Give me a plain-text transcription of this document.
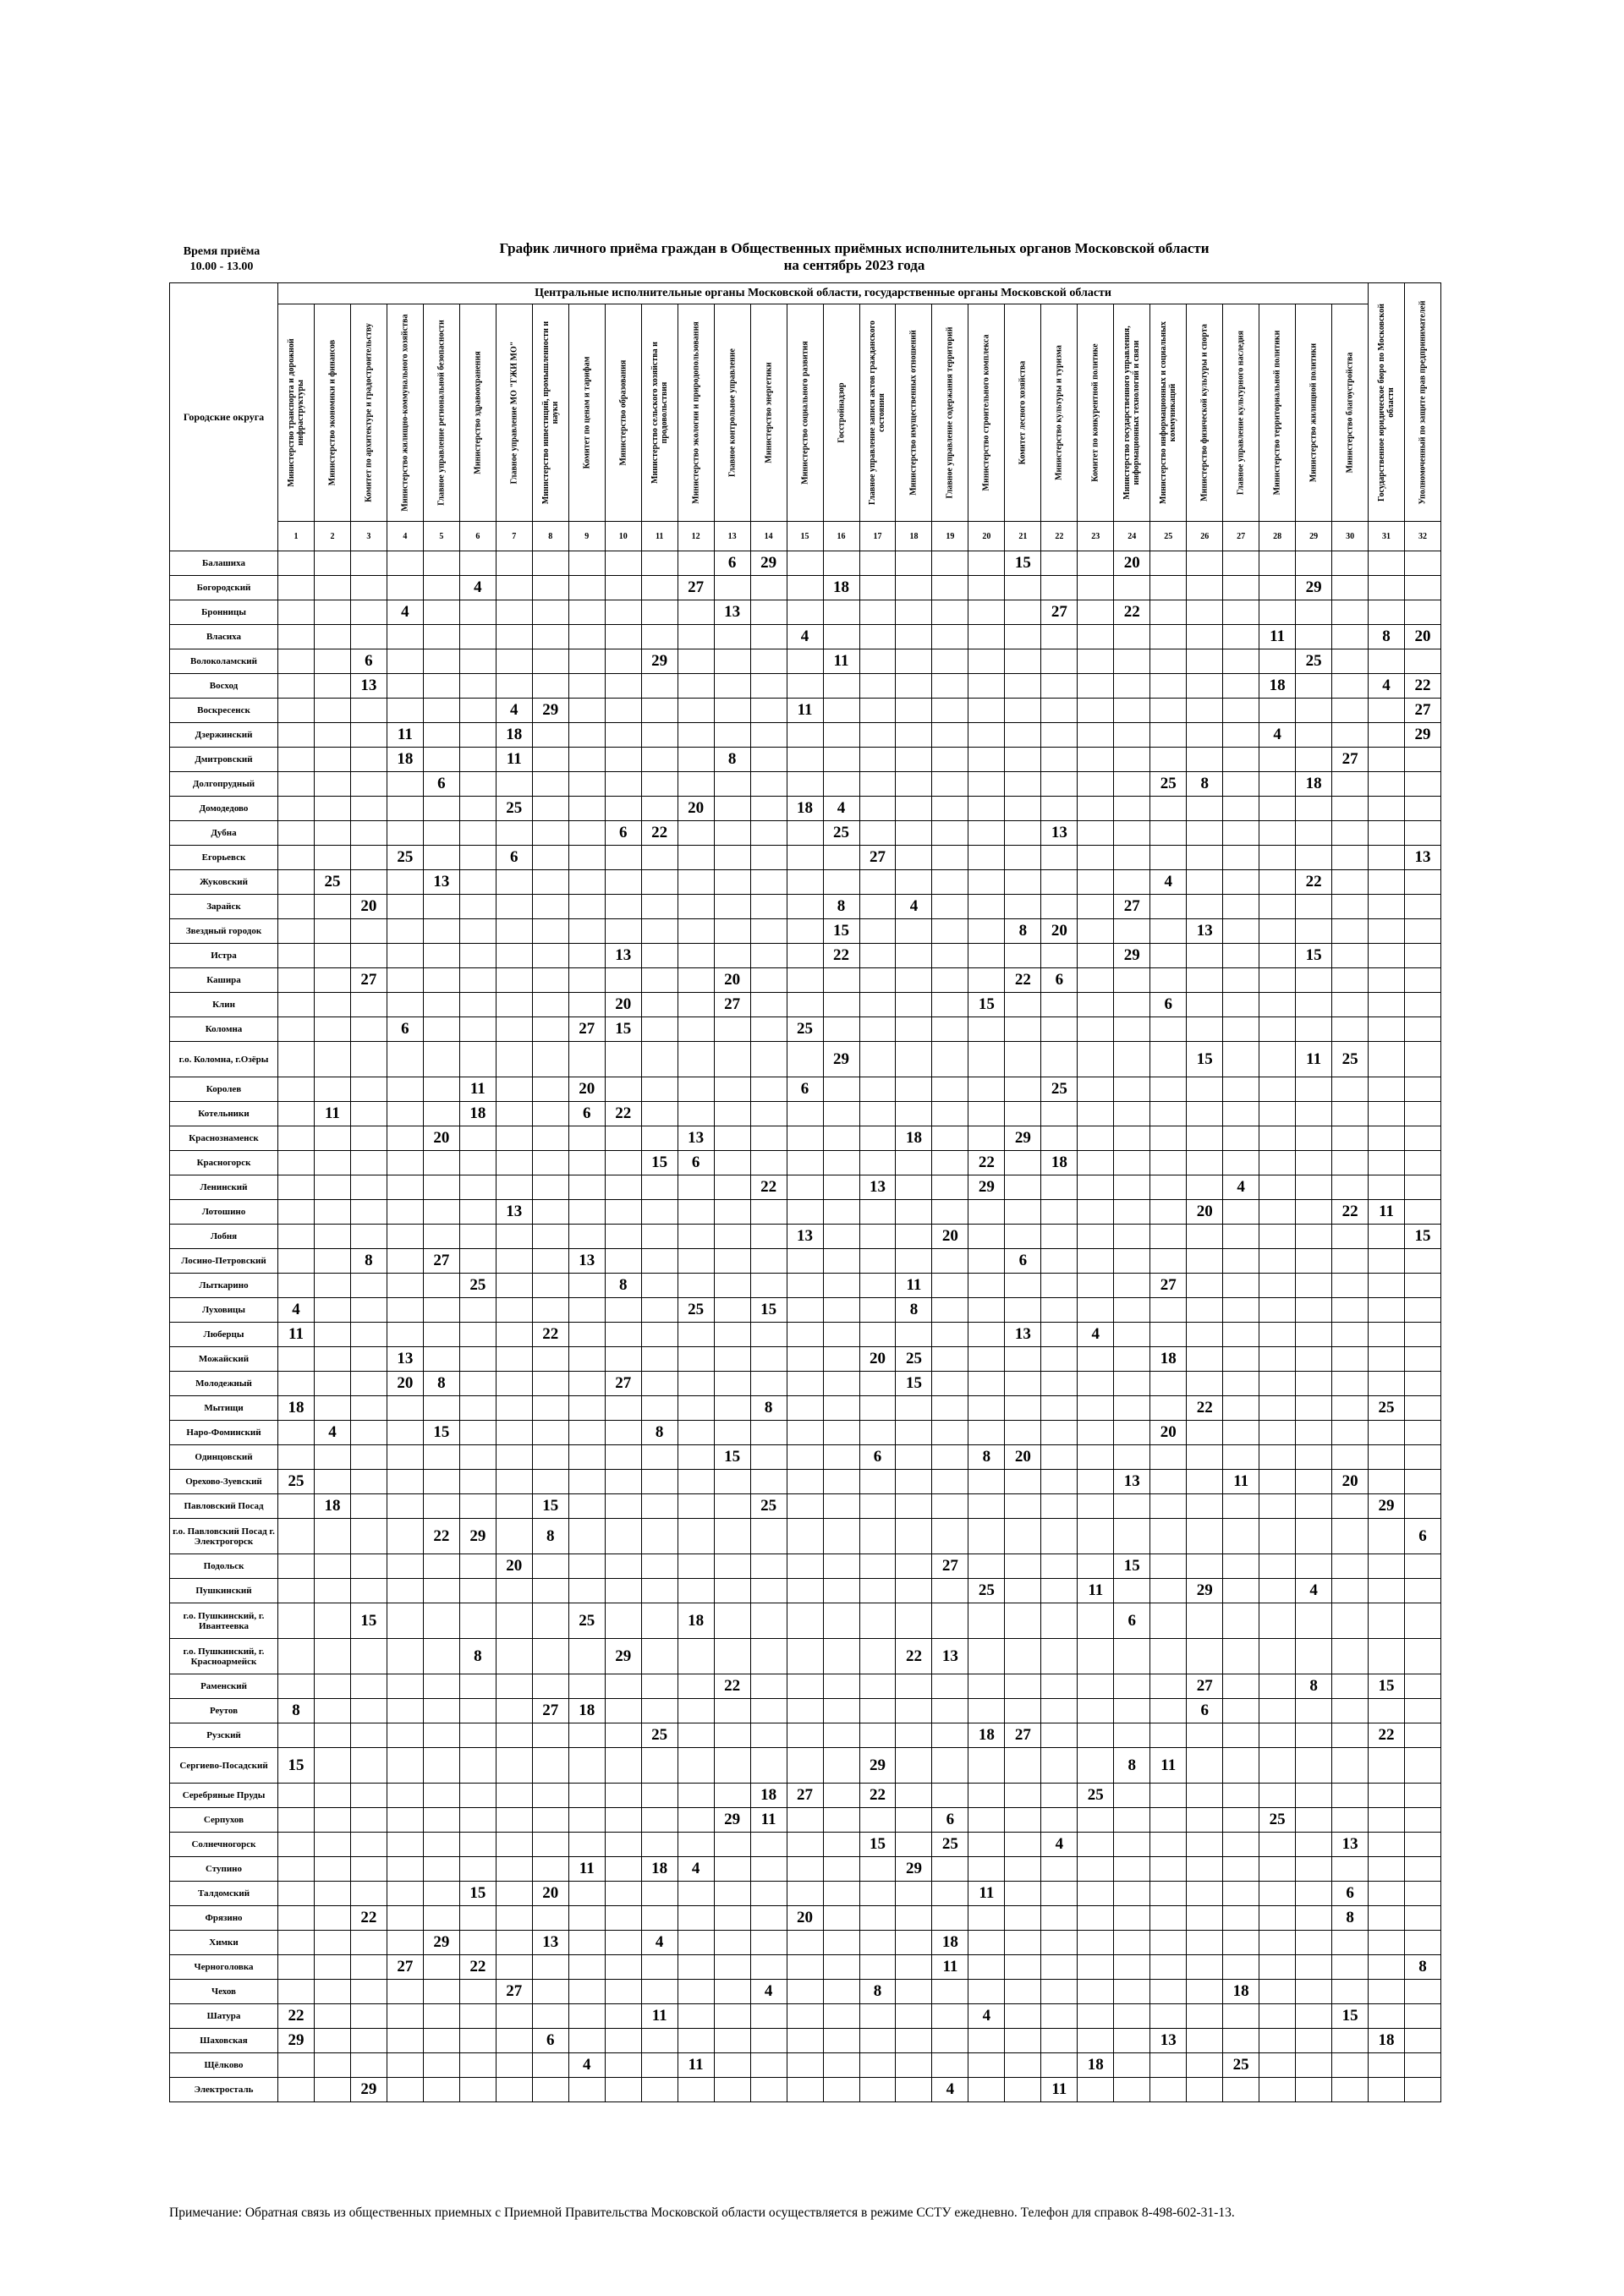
Время приёма
10.00 - 13.00
График личного приёма граждан в Общественных приёмных исполнительных органов Московской области
на сентябрь 2023 года
Городские округа	Центральные исполнительные органы Московской области, государственные органы Московской области																														Государственное юридическое бюро по Московской области	Уполномоченный по защите прав предпринимателей

	Министерство транспорта и дорожной инфраструктуры	Министерство экономики и финансов	Комитет по архитектуре и градостроительству	Министерство жилищно-коммунального хозяйства	Главное управление региональной безопасности	Министерство здравоохранения	Главное управление МО "ГЖИ МО"	Министерство инвестиций, промышленности и науки	Комитет по ценам и тарифам	Министерство образования	Министерство сельского хозяйства и продовольствия	Министерство экологии и природопользования	Главное контрольное управление	Министерство энергетики	Министерство социального развития	Госстройнадзор	Главное управление записи актов гражданского состояния	Министерство имущественных отношений	Главное управление содержания территорий	Министерство строительного комплекса	Комитет лесного хозяйства	Министерство культуры и туризма	Комитет по конкурентной политике	Министерство государственного управления, информационных технологий и связи	Министерство информационных и социальных коммуникаций	Министерство физической культуры и спорта	Главное управление культурного наследия	Министерство территориальной политики	Министерство жилищной политики	Министерство благоустройства		

	1	2	3	4	5	6	7	8	9	10	11	12	13	14	15	16	17	18	19	20	21	22	23	24	25	26	27	28	29	30	31	32
Балашиха													6	29							15			20								
Богородский						4						27				18													29			
Бронницы				4									13									27		22								
Власиха															4													11			8	20
Волоколамский			6								29					11													25			
Восход			13																									18			4	22
Воскресенск							4	29							11																	27
Дзержинский				11			18																					4				29
Дмитровский				18			11						8																	27		
Долгопрудный					6																				25	8			18			
Домодедово							25					20			18	4																
Дубна										6	22					25						13										
Егорьевск				25			6										27															13
Жуковский		25			13																				4				22			
Зарайск			20													8		4						27								
Звездный городок																15					8	20				13						
Истра										13						22								29					15			
Кашира			27										20								22	6										
Клин										20			27							15					6							
Коломна				6					27	15					25																	
г.о. Коломна, г.Озёры																29										15			11	25		
Королев						11			20						6							25										
Котельники		11				18			6	22																						
Краснознаменск					20							13						18			29											
Красногорск											15	6								22		18										
Ленинский														22			13			29							4					
Лотошино							13																			20				22	11	
Лобня															13				20													15
Лосино-Петровский			8		27				13												6											
Лыткарино						25				8								11							27							
Луховицы	4											25		15				8														
Люберцы	11							22													13		4									
Можайский				13													20	25							18							
Молодежный				20	8					27								15														
Мытищи	18													8												22					25	
Наро-Фоминский		4			15						8														20							
Одинцовский													15				6			8	20											
Орехово-Зуевский	25																							13			11			20		
Павловский Посад		18						15						25																	29	
г.о. Павловский Посад г. Электрогорск					22	29		8																								6
Подольск							20												27					15								
Пушкинский																				25			11			29			4			
г.о. Пушкинский, г. Ивантеевка			15						25			18												6								
г.о. Пушкинский, г. Красноармейск						8				29								22	13													
Раменский													22													27			8		15	
Реутов	8							27	18																	6						
Рузский											25									18	27										22	
Сергиево-Посадский	15																29							8	11							
Серебряные Пруды														18	27		22						25									
Серпухов													29	11					6									25				
Солнечногорск																	15		25			4								13		
Ступино									11		18	4						29														
Талдомский						15		20												11										6		
Фрязино			22												20															8		
Химки					29			13			4								18													
Черноголовка				27		22													11													8
Чехов							27							4			8										18					
Шатура	22										11									4										15		
Шаховская	29							6																	13						18	
Щёлково									4			11											18				25					
Электросталь			29																4			11										
Примечание: Обратная связь из общественных приемных с Приемной Правительства Московской области осуществляется в режиме ССТУ ежедневно. Телефон для справок 8-498-602-31-13.
